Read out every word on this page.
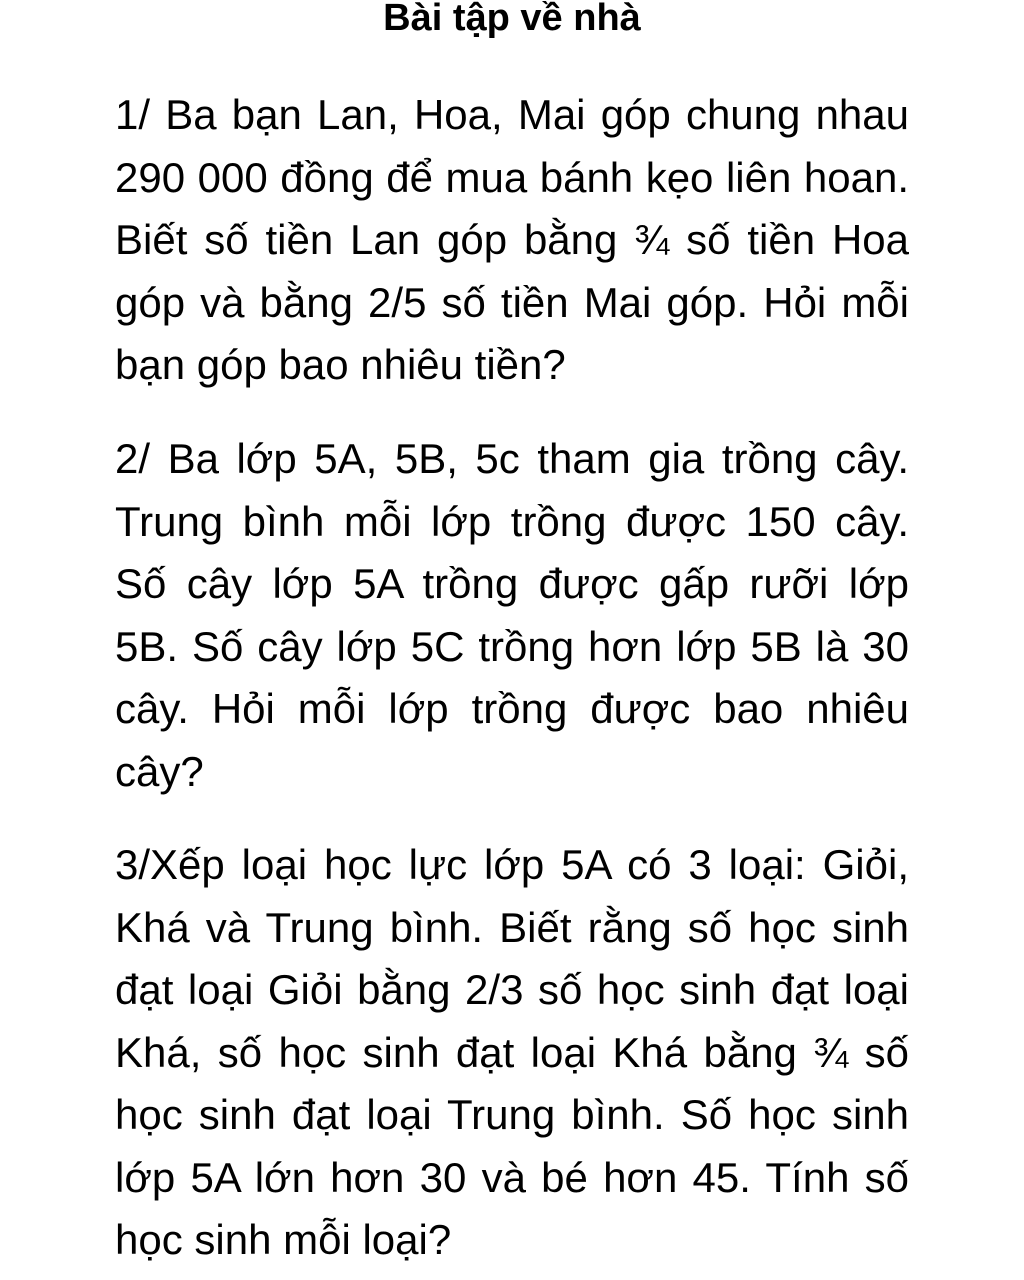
Bài tập về nhà

1/ Ba bạn Lan, Hoa, Mai góp chung nhau 290 000 đồng để mua bánh kẹo liên hoan. Biết số tiền Lan góp bằng ¾ số tiền Hoa góp và bằng 2/5 số tiền Mai góp. Hỏi mỗi bạn góp bao nhiêu tiền?

2/ Ba lớp 5A, 5B, 5c tham gia trồng cây. Trung bình mỗi lớp trồng được 150 cây. Số cây lớp 5A trồng được gấp rưỡi lớp 5B. Số cây lớp 5C trồng hơn lớp 5B là 30 cây. Hỏi mỗi lớp trồng được bao nhiêu cây?

3/Xếp loại học lực lớp 5A có 3 loại: Giỏi, Khá và Trung bình. Biết rằng số học sinh đạt loại Giỏi bằng 2/3 số học sinh đạt loại Khá, số học sinh đạt loại Khá bằng ¾ số học sinh đạt loại Trung bình. Số học sinh lớp 5A lớn hơn 30 và bé hơn 45. Tính số học sinh mỗi loại?
